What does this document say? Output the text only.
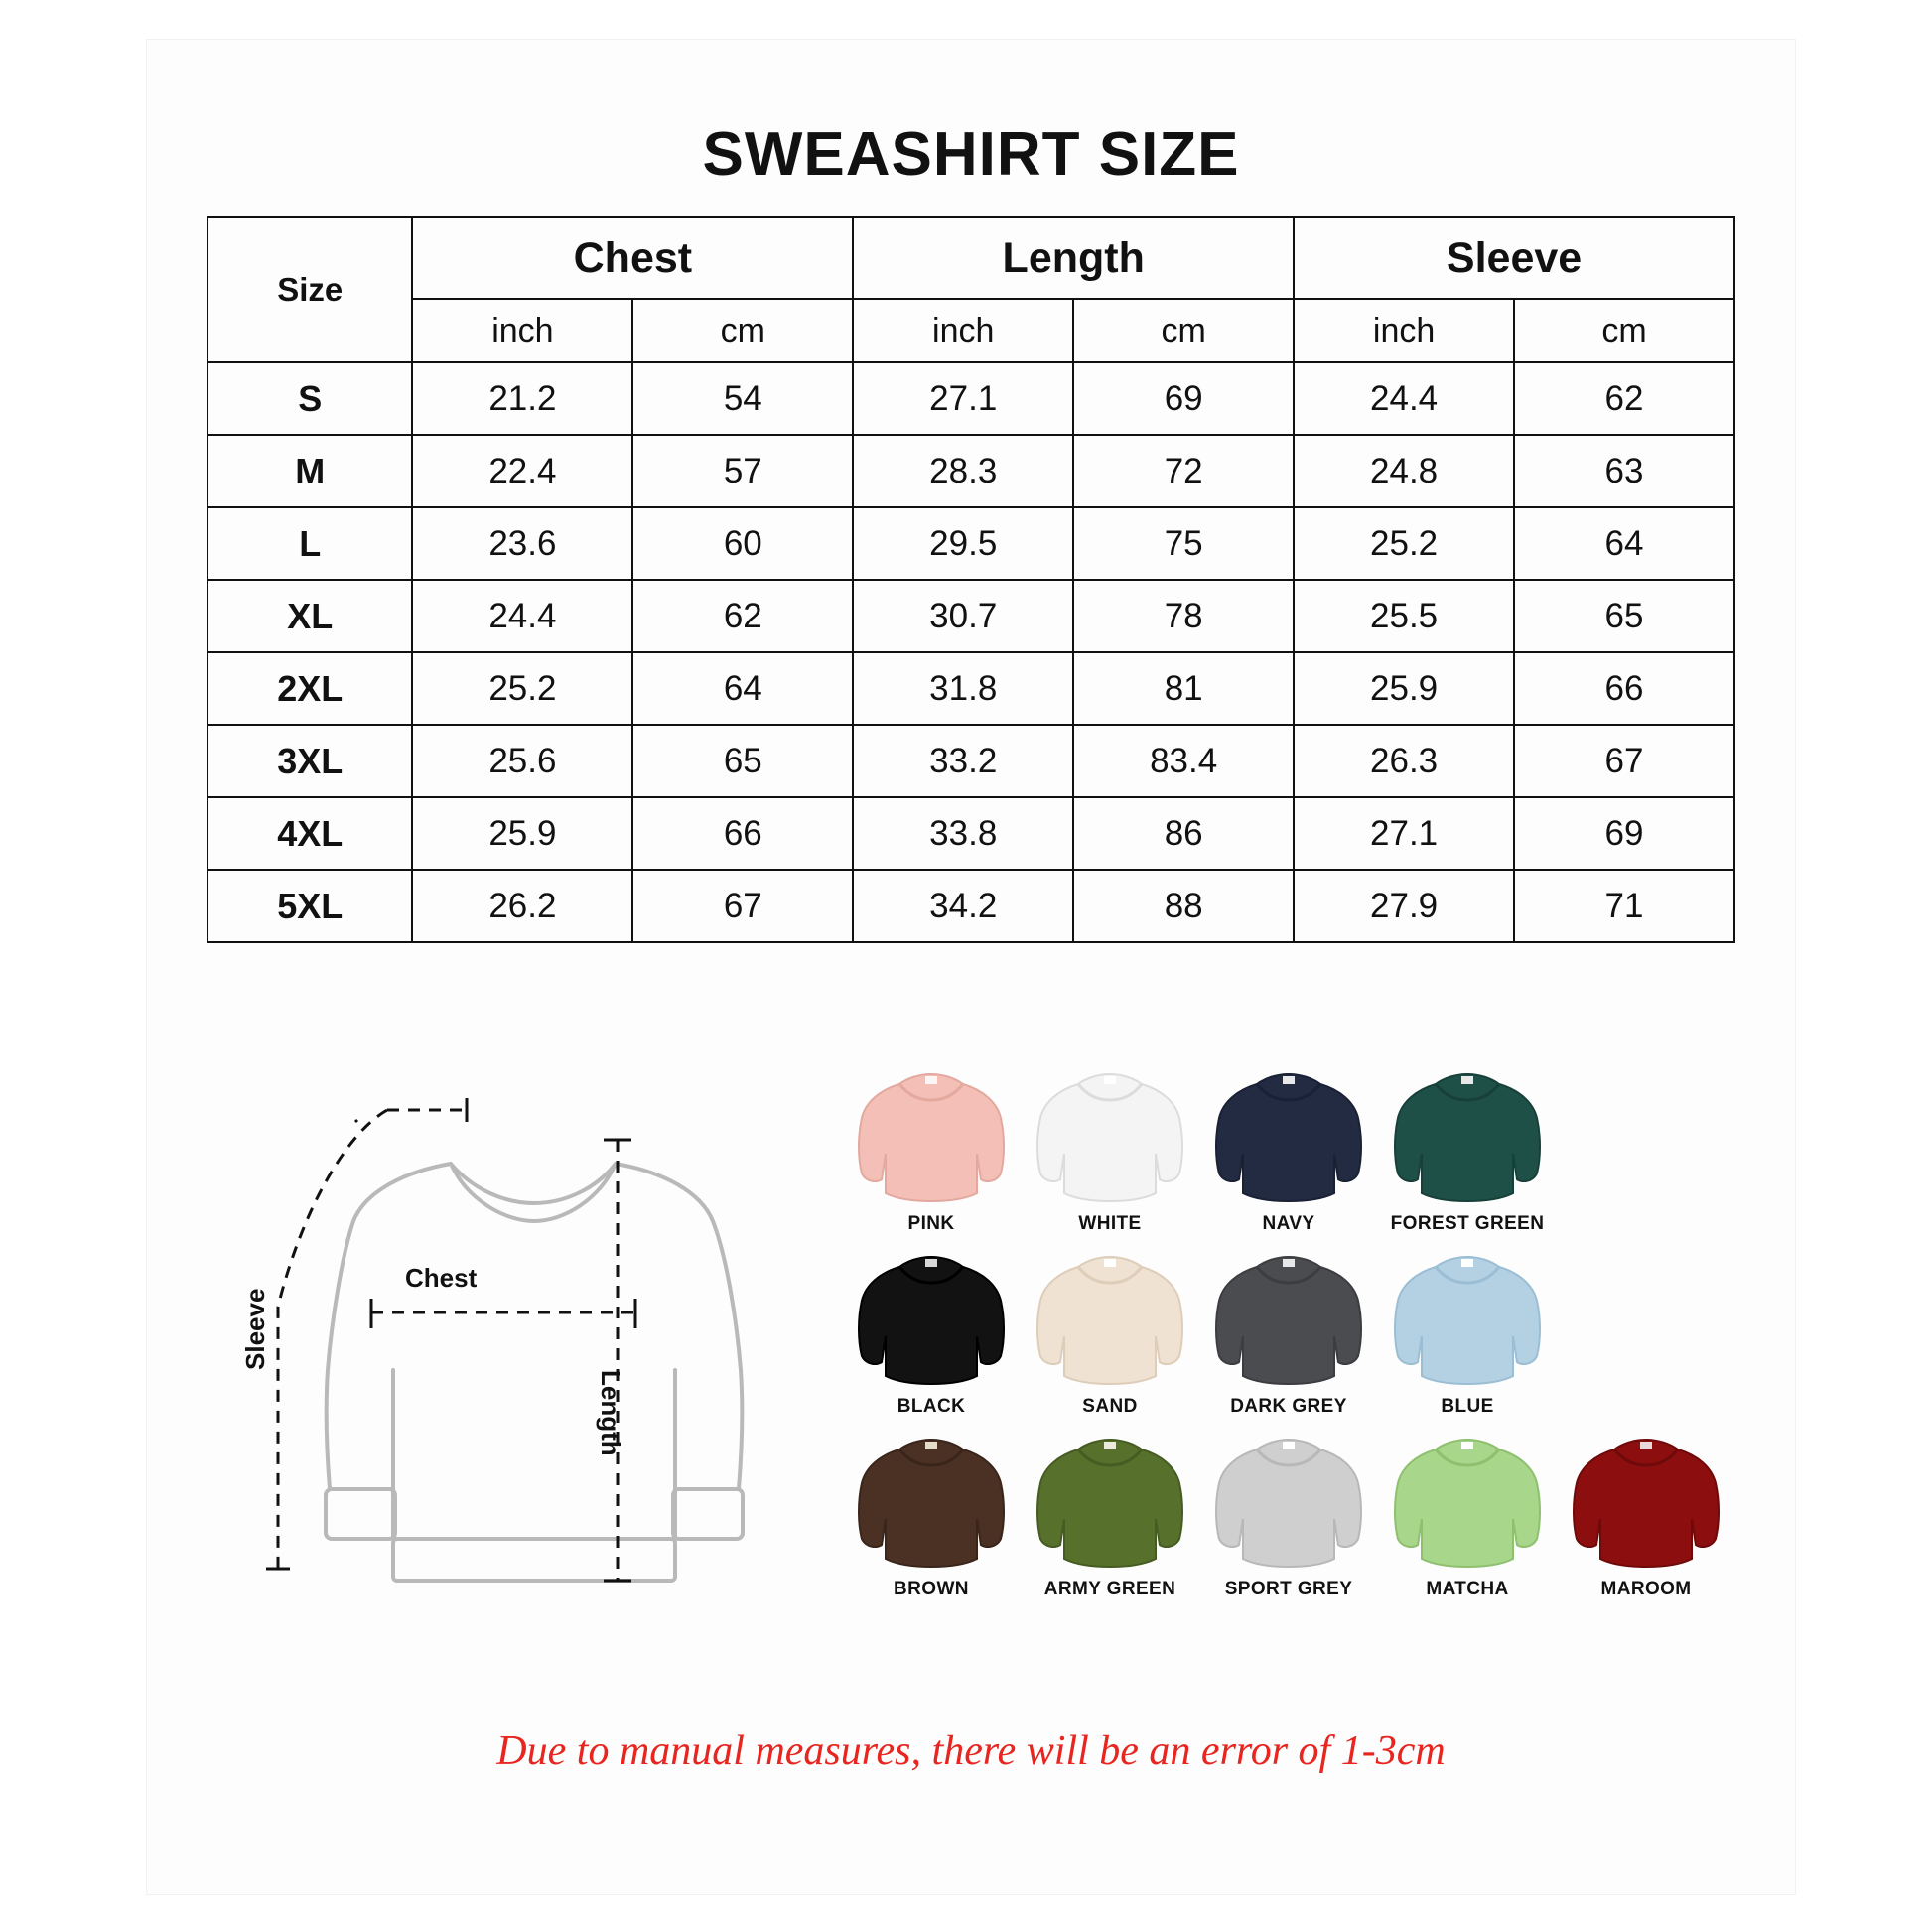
SWEASHIRT SIZE
Size	Chest		Length		Sleeve	
	inch	cm	inch	cm	inch	cm
S	21.2	54	27.1	69	24.4	62
M	22.4	57	28.3	72	24.8	63
L	23.6	60	29.5	75	25.2	64
XL	24.4	62	30.7	78	25.5	65
2XL	25.2	64	31.8	81	25.9	66
3XL	25.6	65	33.2	83.4	26.3	67
4XL	25.9	66	33.8	86	27.1	69
5XL	26.2	67	34.2	88	27.9	71
Chest
Length
Sleeve
PINK	WHITE	NAVY	FOREST GREEN
BLACK	SAND	DARK GREY	BLUE
BROWN	ARMY GREEN	SPORT GREY	MATCHA	MAROOM
Due to manual measures, there will be an error of 1-3cm
